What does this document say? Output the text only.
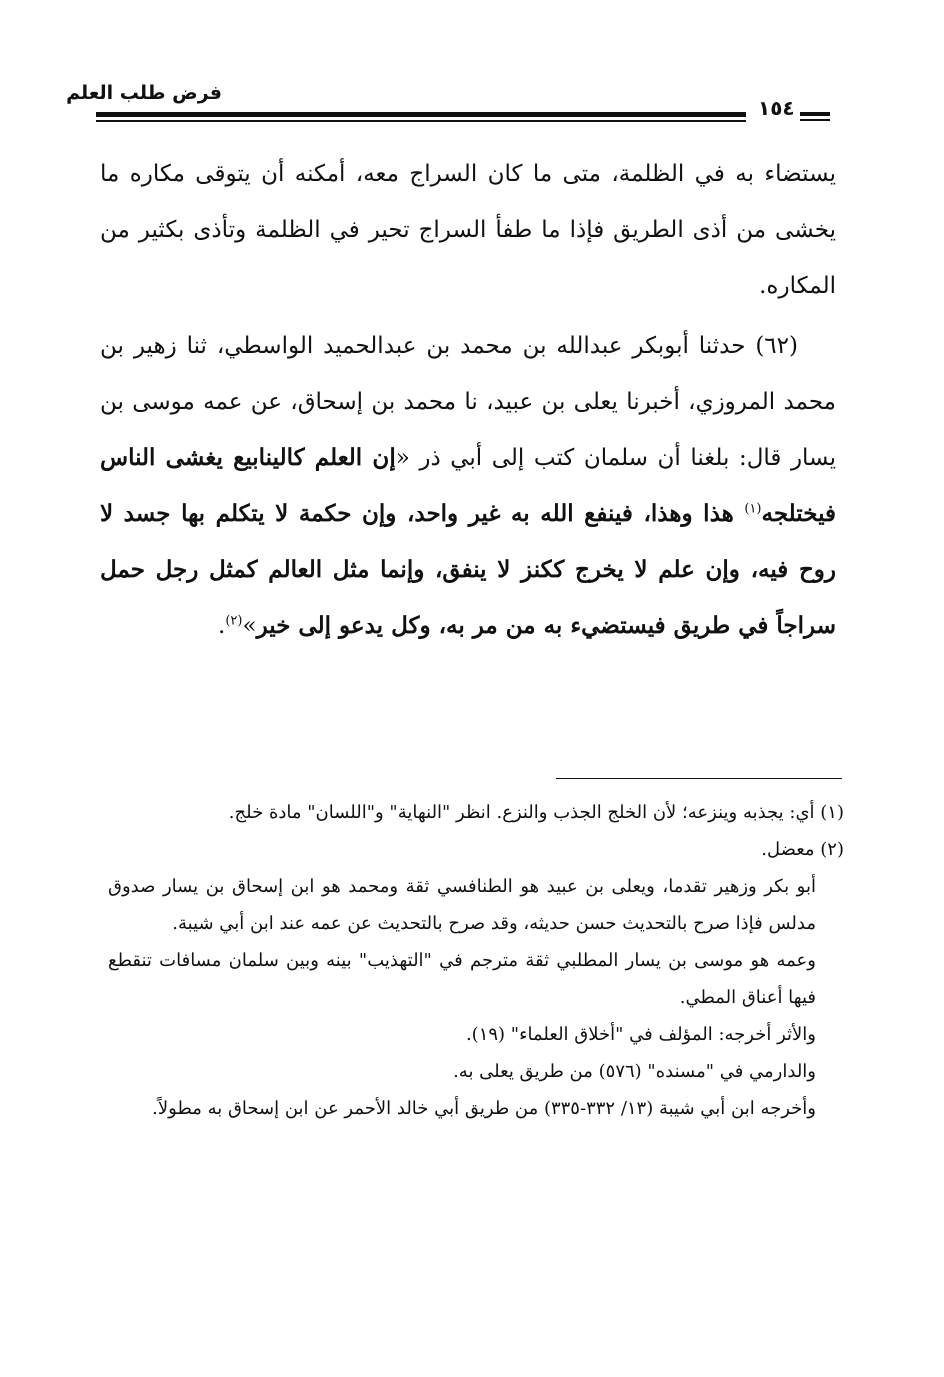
فرض طلب العلم
١٥٤

يستضاء به في الظلمة، متى ما كان السراج معه، أمكنه أن يتوقى مكاره ما يخشى من أذى الطريق فإذا ما طفأ السراج تحير في الظلمة وتأذى بكثير من المكاره.

(٦٢) حدثنا أبوبكر عبدالله بن محمد بن عبدالحميد الواسطي، ثنا زهير بن محمد المروزي، أخبرنا يعلى بن عبيد، نا محمد بن إسحاق، عن عمه موسى بن يسار قال: بلغنا أن سلمان كتب إلى أبي ذر «إن العلم كالينابيع يغشى الناس فيختلجه$^{(١)}$ هذا وهذا، فينفع الله به غير واحد، وإن حكمة لا يتكلم بها جسد لا روح فيه، وإن علم لا يخرج ككنز لا ينفق، وإنما مثل العالم كمثل رجل حمل سراجاً في طريق فيستضيء به من مر به، وكل يدعو إلى خير»$^{(٢)}$.

(١) أي: يجذبه وينزعه؛ لأن الخلج الجذب والنزع. انظر "النهاية" و"اللسان" مادة خلج.

(٢) معضل.

أبو بكر وزهير تقدما، ويعلى بن عبيد هو الطنافسي ثقة ومحمد هو ابن إسحاق بن يسار صدوق مدلس فإذا صرح بالتحديث حسن حديثه، وقد صرح بالتحديث عن عمه عند ابن أبي شيبة.

وعمه هو موسى بن يسار المطلبي ثقة مترجم في "التهذيب" بينه وبين سلمان مسافات تنقطع فيها أعناق المطي.

والأثر أخرجه: المؤلف في "أخلاق العلماء" (١٩).

والدارمي في "مسنده" (٥٧٦) من طريق يعلى به.

وأخرجه ابن أبي شيبة (١٣/ ٣٣٢-٣٣٥) من طريق أبي خالد الأحمر عن ابن إسحاق به مطولاً.
